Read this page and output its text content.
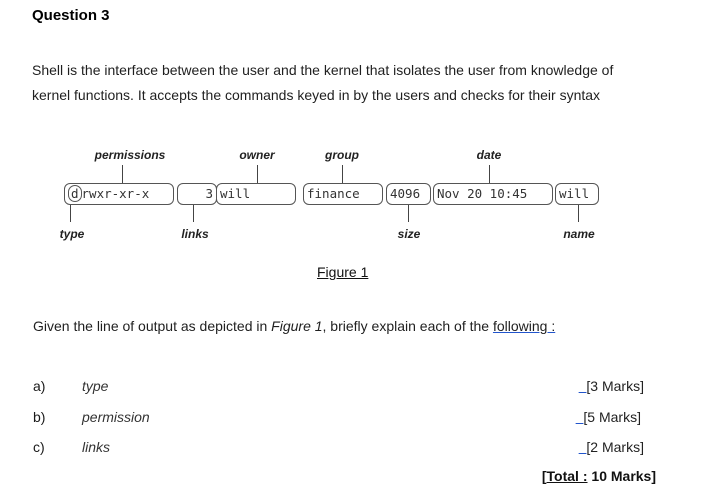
Question 3
Shell is the interface between the user and the kernel that isolates the user from knowledge of
kernel functions. It accepts the commands keyed in by the users and checks for their syntax
permissions	owner	group	date
d rwxr-xr-x	3 will	finance	4096	Nov 20 10:45	will
type	links	size	name
Figure 1
Given the line of output as depicted in Figure 1, briefly explain each of the following :
a)	type	[3 Marks]
b)	permission	[5 Marks]
c)	links	[2 Marks]
[Total : 10 Marks]
